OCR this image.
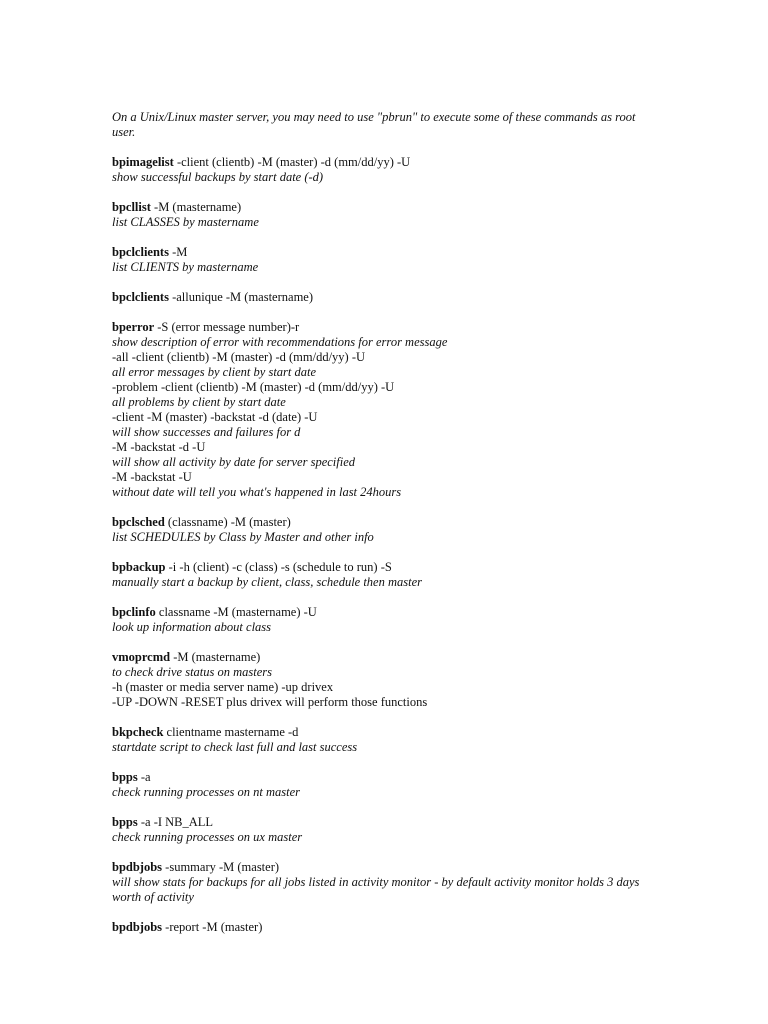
On a Unix/Linux master server, you may need to use "pbrun" to execute some of these commands as root user.
bpimagelist -client (clientb) -M (master) -d (mm/dd/yy) -U
show successful backups by start date (-d)
bpcllist -M (mastername)
list CLASSES by mastername
bpclclients -M
list CLIENTS by mastername
bpclclients -allunique -M (mastername)
bperror -S (error message number)-r
show description of error with recommendations for error message
-all -client (clientb) -M (master) -d (mm/dd/yy) -U
all error messages by client by start date
-problem -client (clientb) -M (master) -d (mm/dd/yy) -U
all problems by client by start date
-client -M (master) -backstat -d (date) -U
will show successes and failures for d
-M -backstat -d -U
will show all activity by date for server specified
-M -backstat -U
without date will tell you what's happened in last 24hours
bpclsched (classname) -M (master)
list SCHEDULES by Class by Master and other info
bpbackup -i -h (client) -c (class) -s (schedule to run) -S
manually start a backup by client, class, schedule then master
bpclinfo classname -M (mastername) -U
look up information about class
vmoprcmd -M (mastername)
to check drive status on masters
-h (master or media server name) -up drivex
-UP -DOWN -RESET plus drivex will perform those functions
bkpcheck clientname mastername -d
startdate script to check last full and last success
bpps -a
check running processes on nt master
bpps -a -I NB_ALL
check running processes on ux master
bpdbjobs -summary -M (master)
will show stats for backups for all jobs listed in activity monitor - by default activity monitor holds 3 days worth of activity
bpdbjobs -report -M (master)
